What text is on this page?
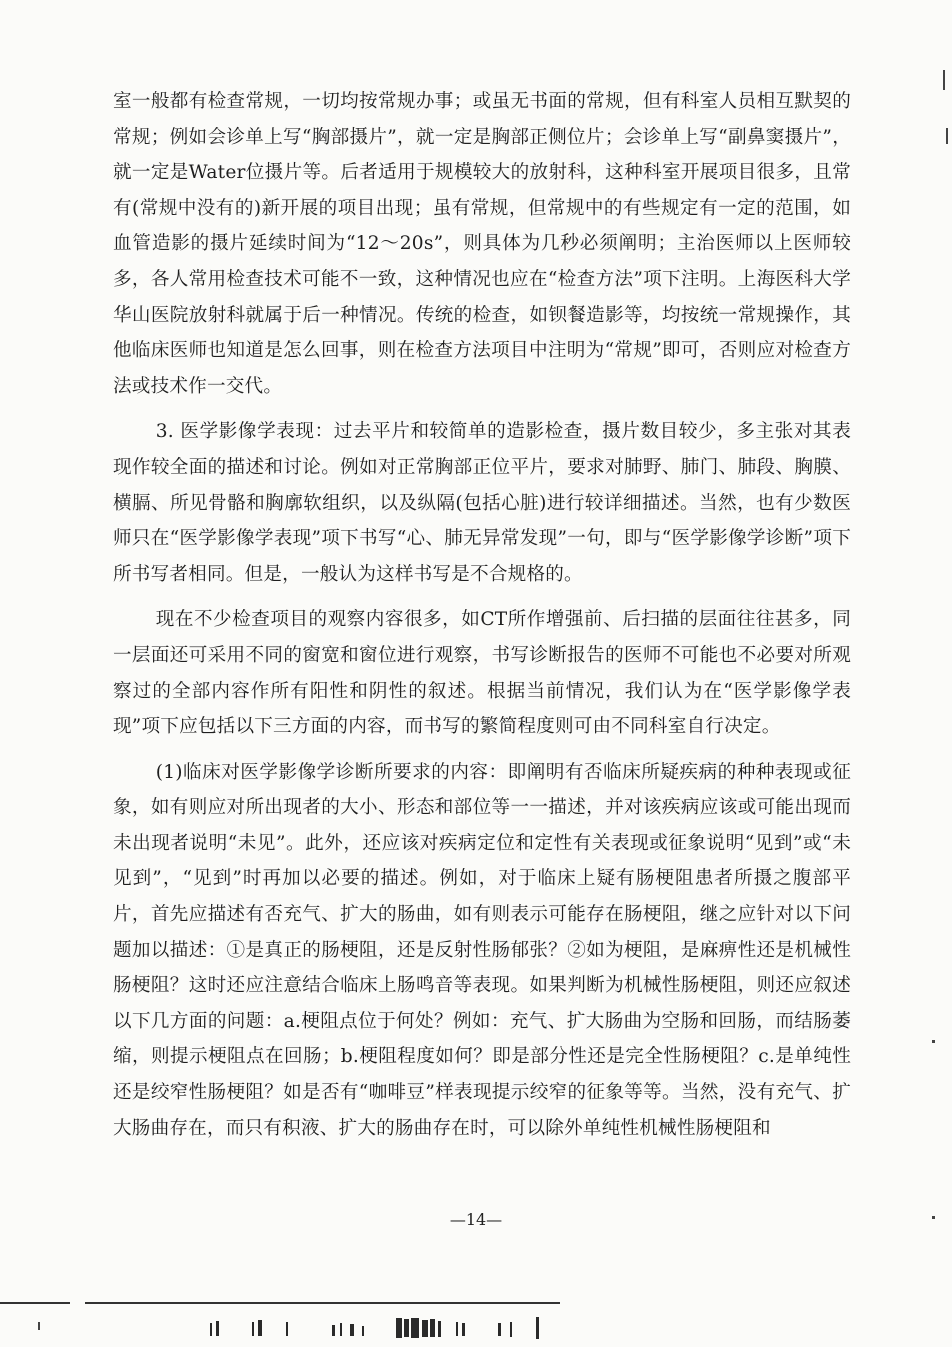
室一般都有检查常规，一切均按常规办事；或虽无书面的常规，但有科室人员相互默契的常规；例如会诊单上写“胸部摄片”，就一定是胸部正侧位片；会诊单上写“副鼻窦摄片”，就一定是Water位摄片等。后者适用于规模较大的放射科，这种科室开展项目很多，且常有(常规中没有的)新开展的项目出现；虽有常规，但常规中的有些规定有一定的范围，如血管造影的摄片延续时间为“12～20s”，则具体为几秒必须阐明；主治医师以上医师较多，各人常用检查技术可能不一致，这种情况也应在“检查方法”项下注明。上海医科大学华山医院放射科就属于后一种情况。传统的检查，如钡餐造影等，均按统一常规操作，其他临床医师也知道是怎么回事，则在检查方法项目中注明为“常规”即可，否则应对检查方法或技术作一交代。

3. 医学影像学表现：过去平片和较简单的造影检查，摄片数目较少，多主张对其表现作较全面的描述和讨论。例如对正常胸部正位平片，要求对肺野、肺门、肺段、胸膜、横膈、所见骨骼和胸廓软组织，以及纵隔(包括心脏)进行较详细描述。当然，也有少数医师只在“医学影像学表现”项下书写“心、肺无异常发现”一句，即与“医学影像学诊断”项下所书写者相同。但是，一般认为这样书写是不合规格的。

现在不少检查项目的观察内容很多，如CT所作增强前、后扫描的层面往往甚多，同一层面还可采用不同的窗宽和窗位进行观察，书写诊断报告的医师不可能也不必要对所观察过的全部内容作所有阳性和阴性的叙述。根据当前情况，我们认为在“医学影像学表现”项下应包括以下三方面的内容，而书写的繁简程度则可由不同科室自行决定。

(1)临床对医学影像学诊断所要求的内容：即阐明有否临床所疑疾病的种种表现或征象，如有则应对所出现者的大小、形态和部位等一一描述，并对该疾病应该或可能出现而未出现者说明“未见”。此外，还应该对疾病定位和定性有关表现或征象说明“见到”或“未见到”，“见到”时再加以必要的描述。例如，对于临床上疑有肠梗阻患者所摄之腹部平片，首先应描述有否充气、扩大的肠曲，如有则表示可能存在肠梗阻，继之应针对以下问题加以描述：①是真正的肠梗阻，还是反射性肠郁张？②如为梗阻，是麻痹性还是机械性肠梗阻？这时还应注意结合临床上肠鸣音等表现。如果判断为机械性肠梗阻，则还应叙述以下几方面的问题：a.梗阻点位于何处？例如：充气、扩大肠曲为空肠和回肠，而结肠萎缩，则提示梗阻点在回肠；b.梗阻程度如何？即是部分性还是完全性肠梗阻？c.是单纯性还是绞窄性肠梗阻？如是否有“咖啡豆”样表现提示绞窄的征象等等。当然，没有充气、扩大肠曲存在，而只有积液、扩大的肠曲存在时，可以除外单纯性机械性肠梗阻和

—14—
